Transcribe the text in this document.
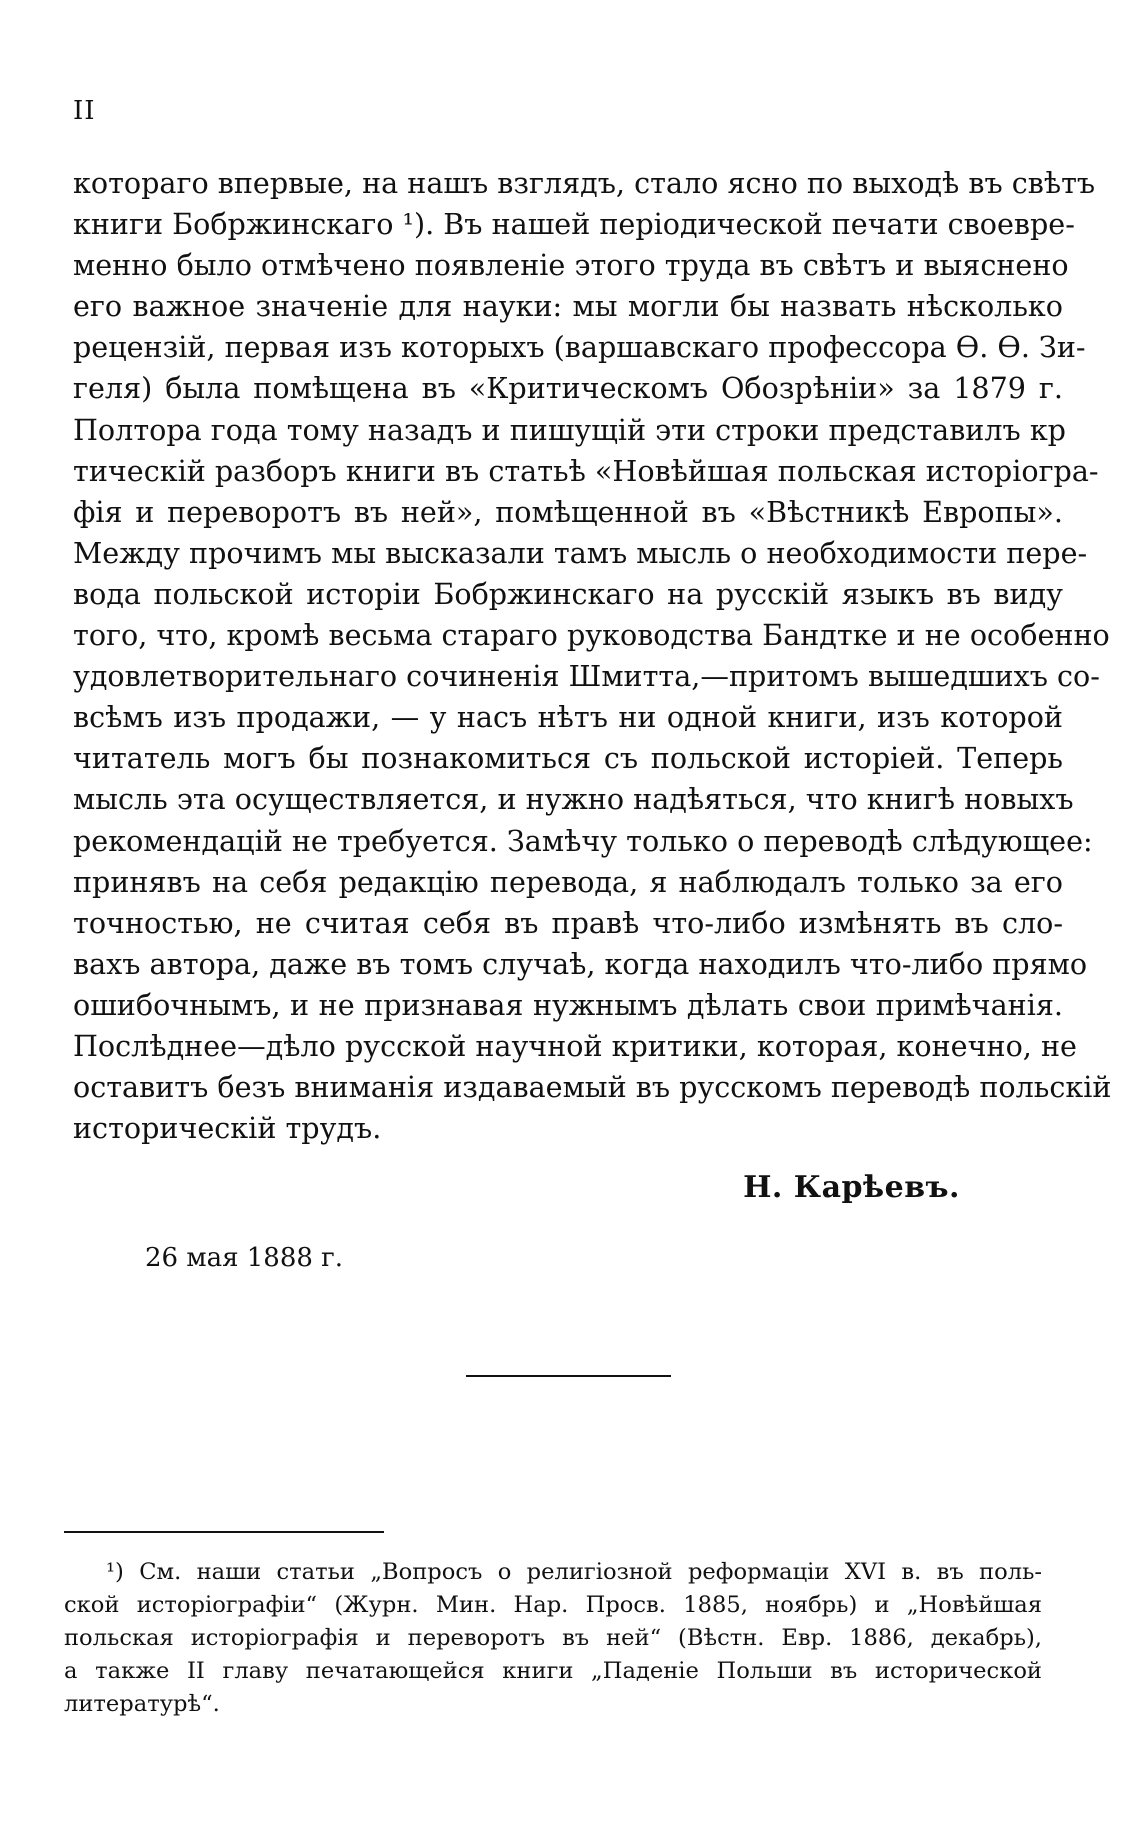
II
котораго впервые, на нашъ взглядъ, стало ясно по выходѣ въ свѣтъ
книги Бобржинскаго ¹). Въ нашей періодической печати своевре-
менно было отмѣчено появленіе этого труда въ свѣтъ и выяснено
его важное значеніе для науки: мы могли бы назвать нѣсколько
рецензій, первая изъ которыхъ (варшавскаго профессора Ѳ. Ѳ. Зи-
геля) была помѣщена въ «Критическомъ Обозрѣніи» за 1879 г.
Полтора года тому назадъ и пишущій эти строки представилъ кр
тическій разборъ книги въ статьѣ «Новѣйшая польская исторіогра-
фія и переворотъ въ ней», помѣщенной въ «Вѣстникѣ Европы».
Между прочимъ мы высказали тамъ мысль о необходимости пере-
вода польской исторіи Бобржинскаго на русскій языкъ въ виду
того, что, кромѣ весьма стараго руководства Бандтке и не особенно
удовлетворительнаго сочиненія Шмитта,—притомъ вышедшихъ со-
всѣмъ изъ продажи, — у насъ нѣтъ ни одной книги, изъ которой
читатель могъ бы познакомиться съ польской исторіей. Теперь
мысль эта осуществляется, и нужно надѣяться, что книгѣ новыхъ
рекомендацій не требуется. Замѣчу только о переводѣ слѣдующее:
принявъ на себя редакцію перевода, я наблюдалъ только за его
точностью, не считая себя въ правѣ что-либо измѣнять въ сло-
вахъ автора, даже въ томъ случаѣ, когда находилъ что-либо прямо
ошибочнымъ, и не признавая нужнымъ дѣлать свои примѣчанія.
Послѣднее—дѣло русской научной критики, которая, конечно, не
оставитъ безъ вниманія издаваемый въ русскомъ переводѣ польскій
историческій трудъ.
Н. Карѣевъ.
26 мая 1888 г.
¹) См. наши статьи „Вопросъ о религіозной реформаціи XVI в. въ поль-
ской исторіографіи“ (Журн. Мин. Нар. Просв. 1885, ноябрь) и „Новѣйшая
польская исторіографія и переворотъ въ ней“ (Вѣстн. Евр. 1886, декабрь),
а также II главу печатающейся книги „Паденіе Польши въ исторической
литературѣ“.
